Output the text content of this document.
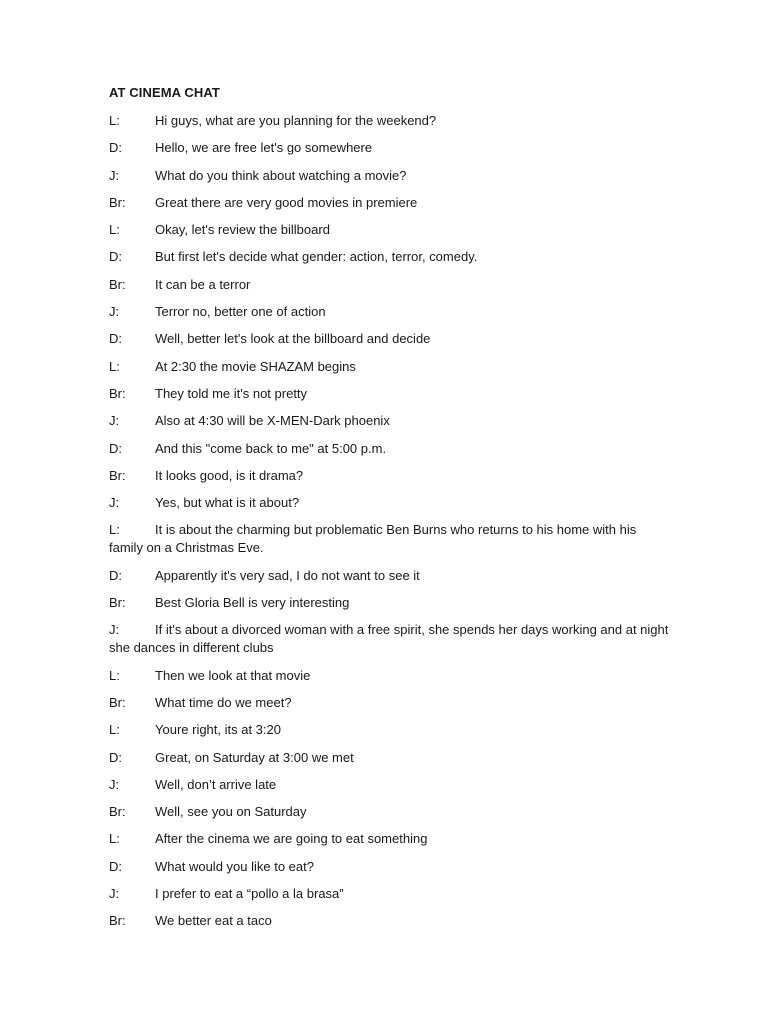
AT CINEMA CHAT
L:	Hi guys, what are you planning for the weekend?
D:	Hello, we are free let's go somewhere
J:	What do you think about watching a movie?
Br: Great there are very good movies in premiere
L:	Okay, let's review the billboard
D:	But first let's decide what gender: action, terror, comedy.
Br: It can be a terror
J:	Terror no, better one of action
D:	Well, better let's look at the billboard and decide
L:	At 2:30 the movie SHAZAM begins
Br: They told me it's not pretty
J:	Also at 4:30 will be X-MEN-Dark phoenix
D:	And this "come back to me" at 5:00 p.m.
Br: It looks good, is it drama?
J:	Yes, but what is it about?
L:	It is about the charming but problematic Ben Burns who returns to his home with his family on a Christmas Eve.
D:	Apparently it's very sad, I do not want to see it
Br: Best Gloria Bell is very interesting
J:	If it's about a divorced woman with a free spirit, she spends her days working and at night she dances in different clubs
L:	Then we look at that movie
Br: What time do we meet?
L:	Youre right, its at 3:20
D:	Great, on Saturday at 3:00 we met
J:	Well, don’t arrive late
Br: Well, see you on Saturday
L:	After the cinema we are going to eat something
D:	What would you like to eat?
J:	I prefer to eat a “pollo a la brasa”
Br: We better eat a taco
